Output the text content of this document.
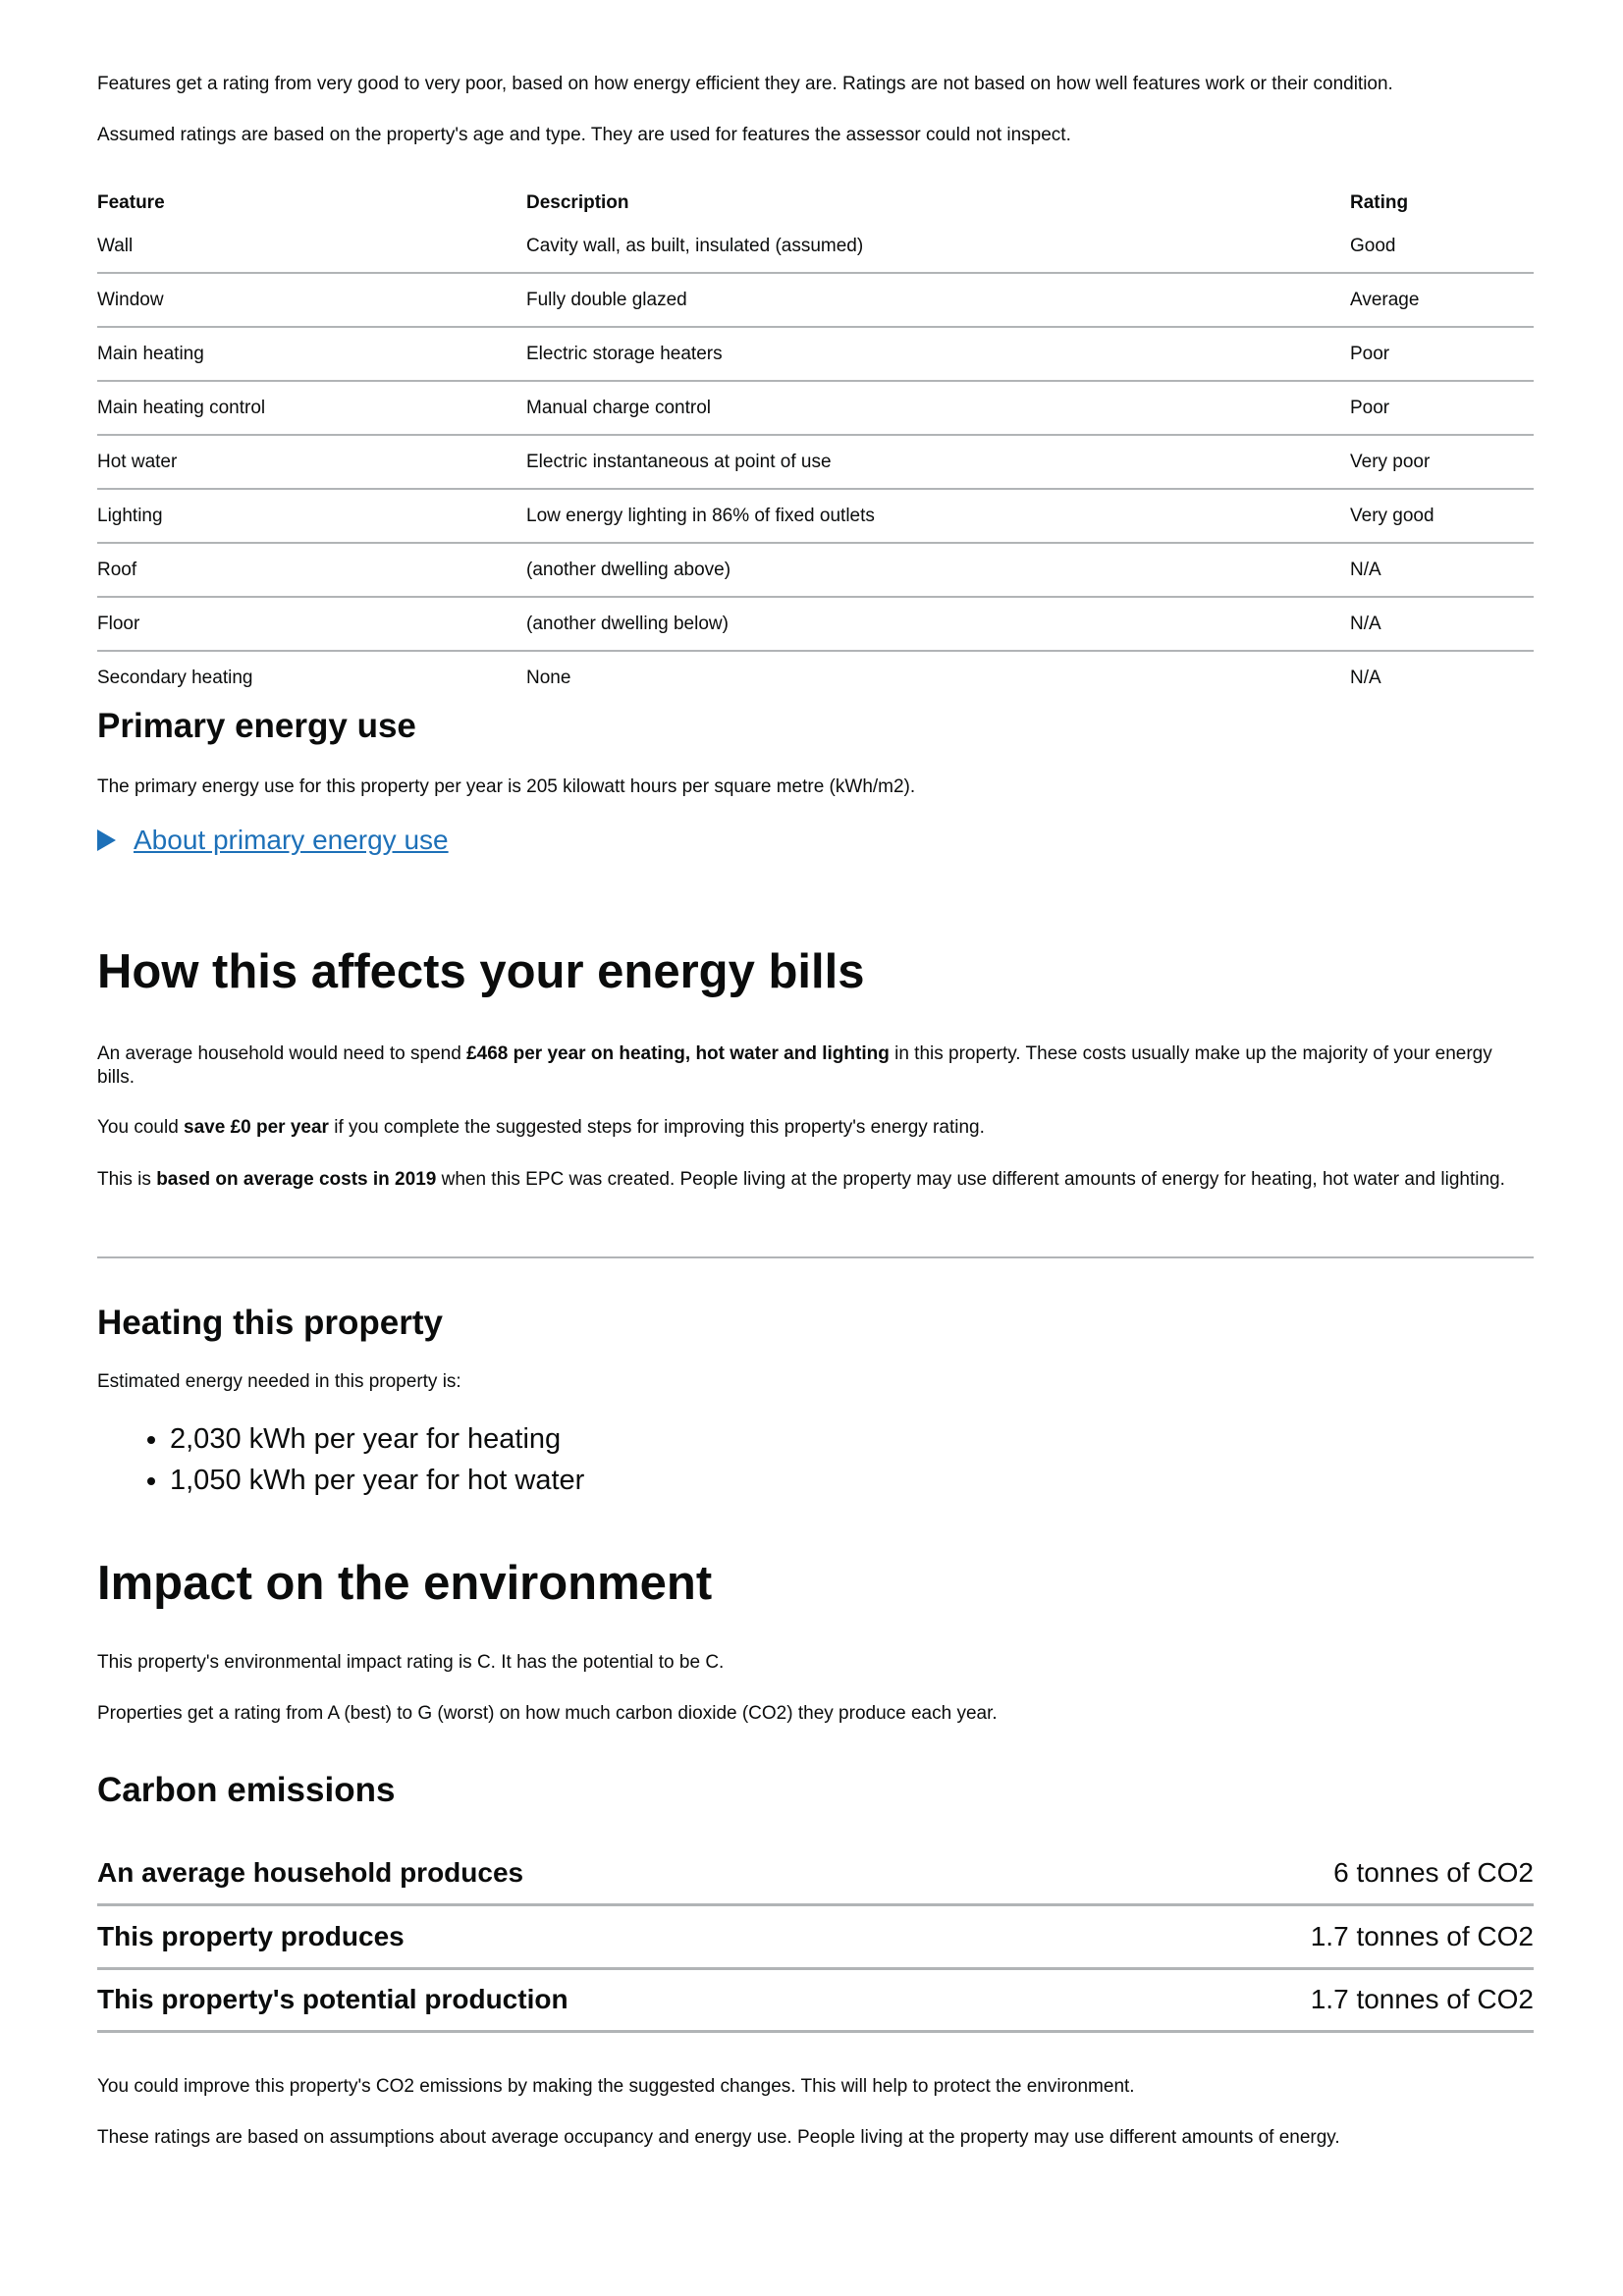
Features get a rating from very good to very poor, based on how energy efficient they are. Ratings are not based on how well features work or their condition.

Assumed ratings are based on the property's age and type. They are used for features the assessor could not inspect.

Feature	Description	Rating
Wall	Cavity wall, as built, insulated (assumed)	Good
Window	Fully double glazed	Average
Main heating	Electric storage heaters	Poor
Main heating control	Manual charge control	Poor
Hot water	Electric instantaneous at point of use	Very poor
Lighting	Low energy lighting in 86% of fixed outlets	Very good
Roof	(another dwelling above)	N/A
Floor	(another dwelling below)	N/A
Secondary heating	None	N/A
Primary energy use

The primary energy use for this property per year is 205 kilowatt hours per square metre (kWh/m2).

About primary energy use
How this affects your energy bills

An average household would need to spend £468 per year on heating, hot water and lighting in this property. These costs usually make up the majority of your energy bills.

You could save £0 per year if you complete the suggested steps for improving this property's energy rating.

This is based on average costs in 2019 when this EPC was created. People living at the property may use different amounts of energy for heating, hot water and lighting.

Heating this property

Estimated energy needed in this property is:

• 2,030 kWh per year for heating
• 1,050 kWh per year for hot water
Impact on the environment

This property's environmental impact rating is C. It has the potential to be C.

Properties get a rating from A (best) to G (worst) on how much carbon dioxide (CO2) they produce each year.

Carbon emissions
An average household produces	6 tonnes of CO2
This property produces	1.7 tonnes of CO2
This property's potential production	1.7 tonnes of CO2

You could improve this property's CO2 emissions by making the suggested changes. This will help to protect the environment.

These ratings are based on assumptions about average occupancy and energy use. People living at the property may use different amounts of energy.
